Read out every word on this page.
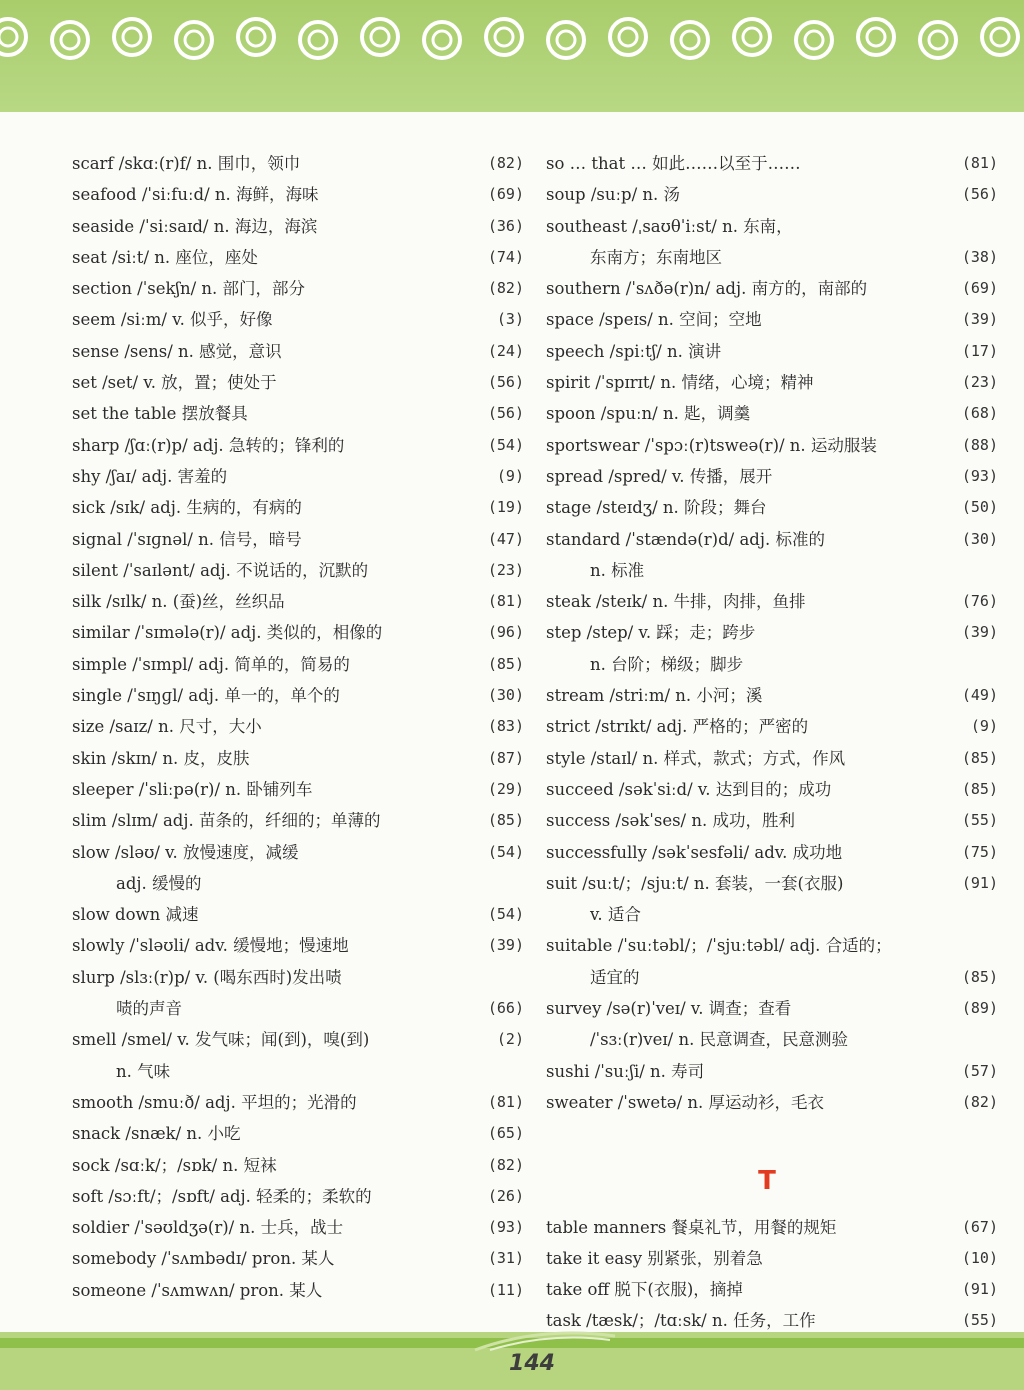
scarf /skɑː(r)f/ n. 围巾，领巾	(82)
seafood /ˈsiːfuːd/ n. 海鲜，海味	(69)
seaside /ˈsiːsaɪd/ n. 海边，海滨	(36)
seat /siːt/ n. 座位，座处	(74)
section /ˈsekʃn/ n. 部门，部分	(82)
seem /siːm/ v. 似乎，好像	(3)
sense /sens/ n. 感觉，意识	(24)
set /set/ v. 放，置；使处于	(56)
set the table 摆放餐具	(56)
sharp /ʃɑː(r)p/ adj. 急转的；锋利的	(54)
shy /ʃaɪ/ adj. 害羞的	(9)
sick /sɪk/ adj. 生病的，有病的	(19)
signal /ˈsɪɡnəl/ n. 信号，暗号	(47)
silent /ˈsaɪlənt/ adj. 不说话的，沉默的	(23)
silk /sɪlk/ n. (蚕)丝，丝织品	(81)
similar /ˈsɪmələ(r)/ adj. 类似的，相像的	(96)
simple /ˈsɪmpl/ adj. 简单的，简易的	(85)
single /ˈsɪŋɡl/ adj. 单一的，单个的	(30)
size /saɪz/ n. 尺寸，大小	(83)
skin /skɪn/ n. 皮，皮肤	(87)
sleeper /ˈsliːpə(r)/ n. 卧铺列车	(29)
slim /slɪm/ adj. 苗条的，纤细的；单薄的	(85)
slow /sləʊ/ v. 放慢速度，减缓	(54)
adj. 缓慢的
slow down 减速	(54)
slowly /ˈsləʊli/ adv. 缓慢地；慢速地	(39)
slurp /slɜː(r)p/ v. (喝东西时)发出啧
啧的声音	(66)
smell /smel/ v. 发气味；闻(到)，嗅(到)	(2)
n. 气味
smooth /smuːð/ adj. 平坦的；光滑的	(81)
snack /snæk/ n. 小吃	(65)
sock /sɑːk/；/sɒk/ n. 短袜	(82)
soft /sɔːft/；/sɒft/ adj. 轻柔的；柔软的	(26)
soldier /ˈsəʊldʒə(r)/ n. 士兵，战士	(93)
somebody /ˈsʌmbədɪ/ pron. 某人	(31)
someone /ˈsʌmwʌn/ pron. 某人	(11)
so … that … 如此……以至于……	(81)
soup /suːp/ n. 汤	(56)
southeast /ˌsaʊθˈiːst/ n. 东南，
东南方；东南地区	(38)
southern /ˈsʌðə(r)n/ adj. 南方的，南部的	(69)
space /speɪs/ n. 空间；空地	(39)
speech /spiːtʃ/ n. 演讲	(17)
spirit /ˈspɪrɪt/ n. 情绪，心境；精神	(23)
spoon /spuːn/ n. 匙，调羹	(68)
sportswear /ˈspɔː(r)tsweə(r)/ n. 运动服装	(88)
spread /spred/ v. 传播，展开	(93)
stage /steɪdʒ/ n. 阶段；舞台	(50)
standard /ˈstændə(r)d/ adj. 标准的	(30)
n. 标准
steak /steɪk/ n. 牛排，肉排，鱼排	(76)
step /step/ v. 踩；走；跨步	(39)
n. 台阶；梯级；脚步
stream /striːm/ n. 小河；溪	(49)
strict /strɪkt/ adj. 严格的；严密的	(9)
style /staɪl/ n. 样式，款式；方式，作风	(85)
succeed /səkˈsiːd/ v. 达到目的；成功	(85)
success /səkˈses/ n. 成功，胜利	(55)
successfully /səkˈsesfəli/ adv. 成功地	(75)
suit /suːt/；/sjuːt/ n. 套装，一套(衣服)	(91)
v. 适合
suitable /ˈsuːtəbl/；/ˈsjuːtəbl/ adj. 合适的；
适宜的	(85)
survey /sə(r)ˈveɪ/ v. 调查；查看	(89)
/ˈsɜː(r)veɪ/ n. 民意调查，民意测验
sushi /ˈsuːʃi/ n. 寿司	(57)
sweater /ˈswetə/ n. 厚运动衫，毛衣	(82)
T
table manners 餐桌礼节，用餐的规矩	(67)
take it easy 别紧张，别着急	(10)
take off 脱下(衣服)，摘掉	(91)
task /tæsk/；/tɑːsk/ n. 任务，工作	(55)
144
